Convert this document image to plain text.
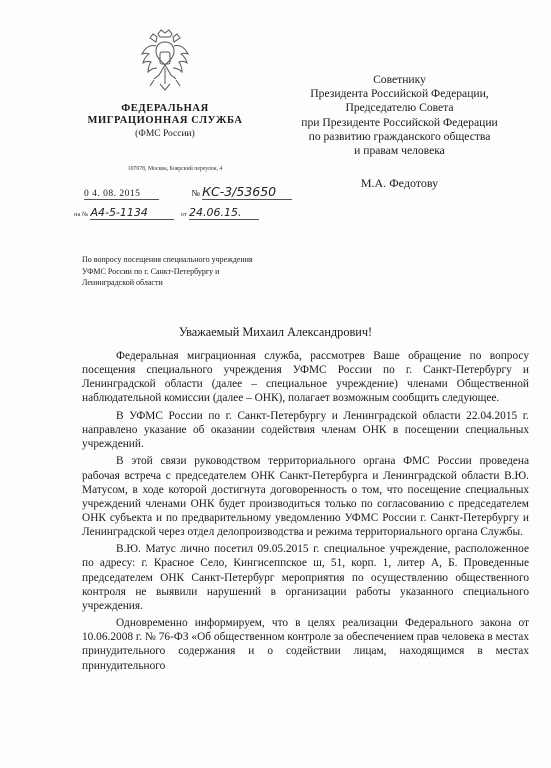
ФЕДЕРАЛЬНАЯ
МИГРАЦИОННАЯ СЛУЖБА
(ФМС России)
107078, Москва, Боярский переулок, 4
0 4. 08. 2015	№ КС-3/53650
на № А4-5-1134	от 24.06.15.
Советнику
Президента Российской Федерации,
Председателю Совета
при Президенте Российской Федерации
по развитию гражданского общества
и правам человека
М.А. Федотову
По вопросу посещения специального учреждения
УФМС России по г. Санкт-Петербургу и
Ленинградской области
Уважаемый Михаил Александрович!

Федеральная миграционная служба, рассмотрев Ваше обращение по вопросу посещения специального учреждения УФМС России по г. Санкт-Петербургу и Ленинградской области (далее – специальное учреждение) членами Общественной наблюдательной комиссии (далее – ОНК), полагает возможным сообщить следующее.

В УФМС России по г. Санкт-Петербургу и Ленинградской области 22.04.2015 г. направлено указание об оказании содействия членам ОНК в посещении специальных учреждений.

В этой связи руководством территориального органа ФМС России проведена рабочая встреча с председателем ОНК Санкт-Петербурга и Ленинградской области В.Ю. Матусом, в ходе которой достигнута договоренность о том, что посещение специальных учреждений членами ОНК будет производиться только по согласованию с председателем ОНК субъекта и по предварительному уведомлению УФМС России г. Санкт-Петербургу и Ленинградской через отдел делопроизводства и режима территориального органа Службы.

В.Ю. Матус лично посетил 09.05.2015 г. специальное учреждение, расположенное по адресу: г. Красное Село, Кингисеппское ш, 51, корп. 1, литер А, Б. Проведенные председателем ОНК Санкт-Петербург мероприятия по осуществлению общественного контроля не выявили нарушений в организации работы указанного специального учреждения.

Одновременно информируем, что в целях реализации Федерального закона от 10.06.2008 г. № 76-ФЗ «Об общественном контроле за обеспечением прав человека в местах принудительного содержания и о содействии лицам, находящимся в местах принудительного
